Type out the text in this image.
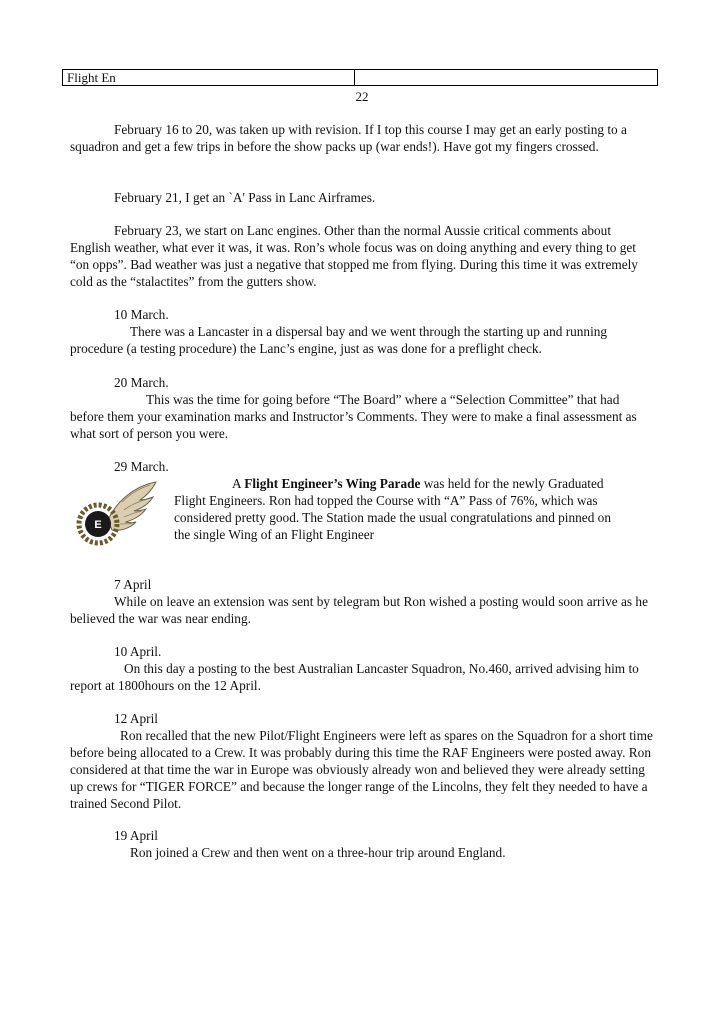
Flight En
22

February 16 to 20, was taken up with revision. If I top this course I may get an early posting to a squadron and get a few trips in before the show packs up (war ends!). Have got my fingers crossed.

February 21, I get an `A' Pass in Lanc Airframes.

February 23, we start on Lanc engines. Other than the normal Aussie critical comments about English weather, what ever it was, it was. Ron’s whole focus was on doing anything and every thing to get “on opps”. Bad weather was just a negative that stopped me from flying. During this time it was extremely cold as the “stalactites” from the gutters show.

10 March.

There was a Lancaster in a dispersal bay and we went through the starting up and running procedure (a testing procedure) the Lanc’s engine, just as was done for a preflight check.

20 March.

This was the time for going before “The Board” where a “Selection Committee” that had before them your examination marks and Instructor’s Comments. They were to make a final assessment as what sort of person you were.

29 March.

E

A Flight Engineer’s Wing Parade was held for the newly Graduated

Flight Engineers. Ron had topped the Course with “A” Pass of 76%, which was

considered pretty good. The Station made the usual congratulations and pinned on

the single Wing of an Flight Engineer

7 April

While on leave an extension was sent by telegram but Ron wished a posting would soon arrive as he believed the war was near ending.

10 April.

On this day a posting to the best Australian Lancaster Squadron, No.460, arrived advising him to report at 1800hours on the 12 April.

12 April

Ron recalled that the new Pilot/Flight Engineers were left as spares on the Squadron for a short time before being allocated to a Crew. It was probably during this time the RAF Engineers were posted away. Ron considered at that time the war in Europe was obviously already won and believed they were already setting up crews for “TIGER FORCE” and because the longer range of the Lincolns, they felt they needed to have a trained Second Pilot.

19 April

Ron joined a Crew and then went on a three-hour trip around England.
